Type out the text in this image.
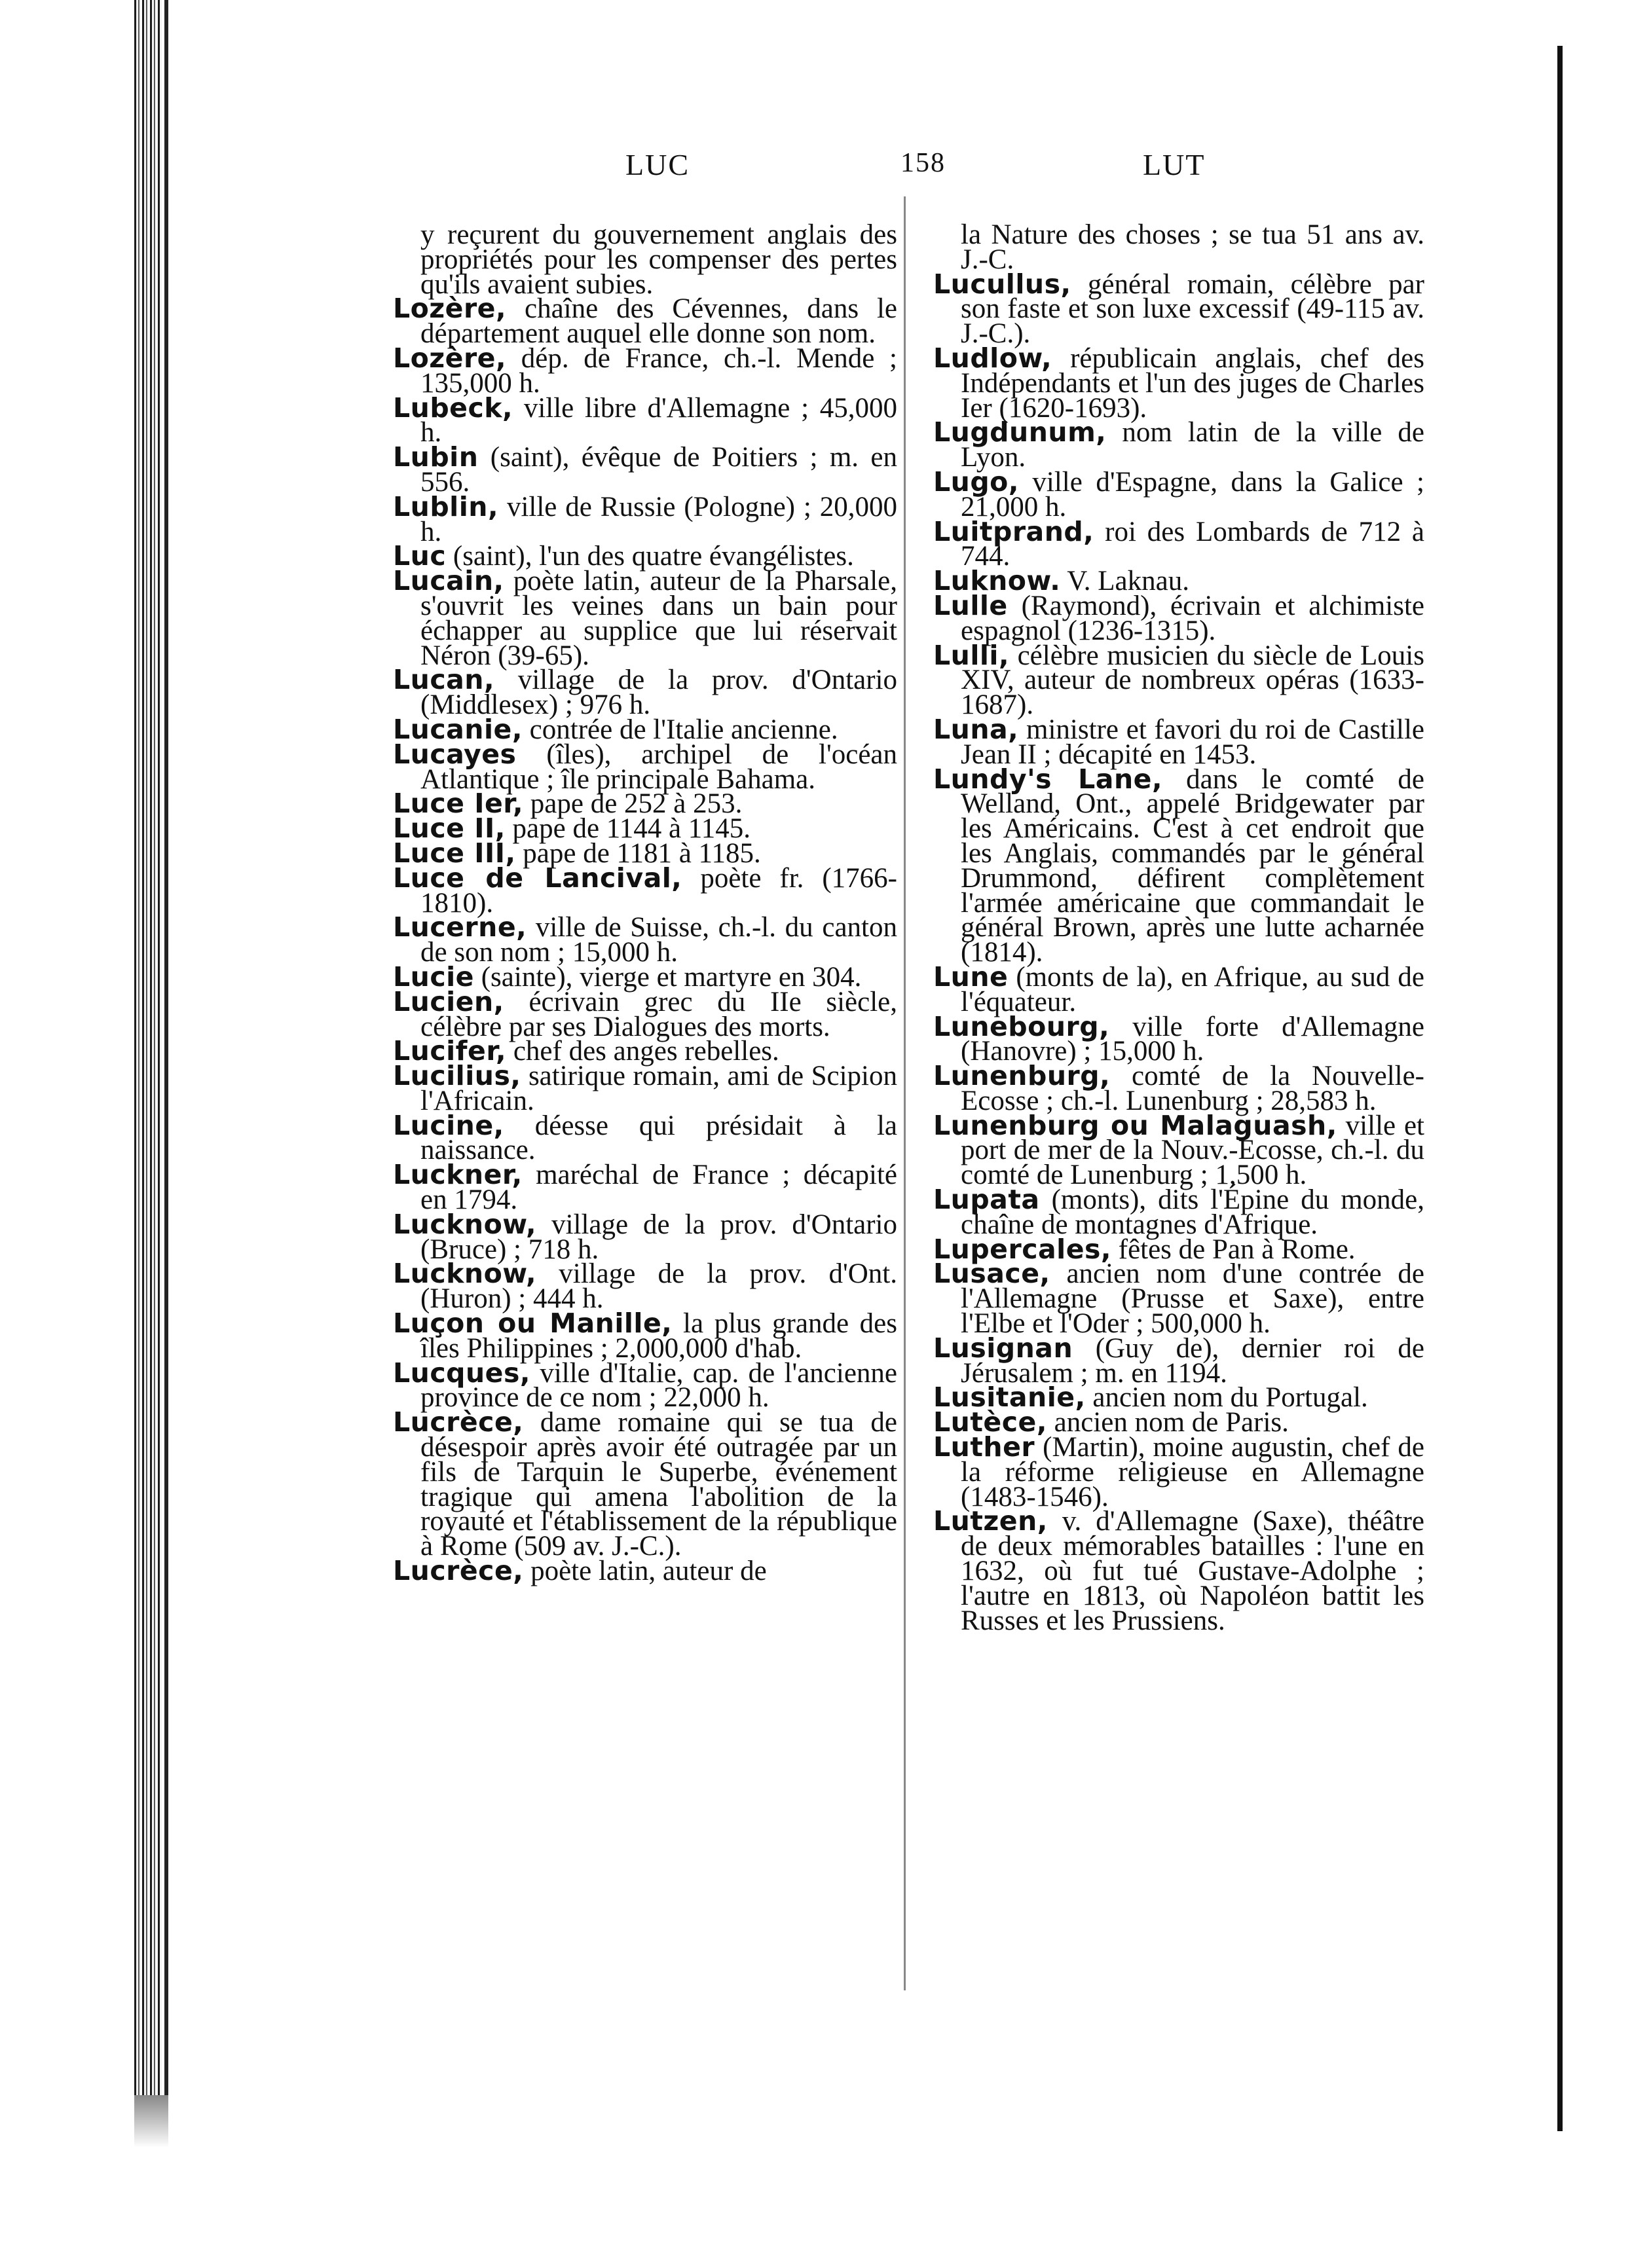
LUC	158	LUT

y reçurent du gouvernement anglais des propriétés pour les compenser des pertes qu'ils avaient subies.

Lozère, chaîne des Cévennes, dans le département auquel elle donne son nom.

Lozère, dép. de France, ch.-l. Mende ; 135,000 h.

Lubeck, ville libre d'Allemagne ; 45,000 h.

Lubin (saint), évêque de Poitiers ; m. en 556.

Lublin, ville de Russie (Pologne) ; 20,000 h.

Luc (saint), l'un des quatre évangélistes.

Lucain, poète latin, auteur de la Pharsale, s'ouvrit les veines dans un bain pour échapper au supplice que lui réservait Néron (39-65).

Lucan, village de la prov. d'Ontario (Middlesex) ; 976 h.

Lucanie, contrée de l'Italie ancienne.

Lucayes (îles), archipel de l'océan Atlantique ; île principale Bahama.

Luce Ier, pape de 252 à 253.

Luce II, pape de 1144 à 1145.

Luce III, pape de 1181 à 1185.

Luce de Lancival, poète fr. (1766-1810).

Lucerne, ville de Suisse, ch.-l. du canton de son nom ; 15,000 h.

Lucie (sainte), vierge et martyre en 304.

Lucien, écrivain grec du IIe siècle, célèbre par ses Dialogues des morts.

Lucifer, chef des anges rebelles.

Lucilius, satirique romain, ami de Scipion l'Africain.

Lucine, déesse qui présidait à la naissance.

Luckner, maréchal de France ; décapité en 1794.

Lucknow, village de la prov. d'Ontario (Bruce) ; 718 h.

Lucknow, village de la prov. d'Ont. (Huron) ; 444 h.

Luçon ou Manille, la plus grande des îles Philippines ; 2,000,000 d'hab.

Lucques, ville d'Italie, cap. de l'ancienne province de ce nom ; 22,000 h.

Lucrèce, dame romaine qui se tua de désespoir après avoir été outragée par un fils de Tarquin le Superbe, événement tragique qui amena l'abolition de la royauté et l'établissement de la république à Rome (509 av. J.-C.).

Lucrèce, poète latin, auteur de

la Nature des choses ; se tua 51 ans av. J.-C.

Lucullus, général romain, célèbre par son faste et son luxe excessif (49-115 av. J.-C.).

Ludlow, républicain anglais, chef des Indépendants et l'un des juges de Charles Ier (1620-1693).

Lugdunum, nom latin de la ville de Lyon.

Lugo, ville d'Espagne, dans la Galice ; 21,000 h.

Luitprand, roi des Lombards de 712 à 744.

Luknow. V. Laknau.

Lulle (Raymond), écrivain et alchimiste espagnol (1236-1315).

Lulli, célèbre musicien du siècle de Louis XIV, auteur de nombreux opéras (1633-1687).

Luna, ministre et favori du roi de Castille Jean II ; décapité en 1453.

Lundy's Lane, dans le comté de Welland, Ont., appelé Bridgewater par les Américains. C'est à cet endroit que les Anglais, commandés par le général Drummond, défirent complètement l'armée américaine que commandait le général Brown, après une lutte acharnée (1814).

Lune (monts de la), en Afrique, au sud de l'équateur.

Lunebourg, ville forte d'Allemagne (Hanovre) ; 15,000 h.

Lunenburg, comté de la Nouvelle-Ecosse ; ch.-l. Lunenburg ; 28,583 h.

Lunenburg ou Malaguash, ville et port de mer de la Nouv.-Ecosse, ch.-l. du comté de Lunenburg ; 1,500 h.

Lupata (monts), dits l'Épine du monde, chaîne de montagnes d'Afrique.

Lupercales, fêtes de Pan à Rome.

Lusace, ancien nom d'une contrée de l'Allemagne (Prusse et Saxe), entre l'Elbe et l'Oder ; 500,000 h.

Lusignan (Guy de), dernier roi de Jérusalem ; m. en 1194.

Lusitanie, ancien nom du Portugal.

Lutèce, ancien nom de Paris.

Luther (Martin), moine augustin, chef de la réforme religieuse en Allemagne (1483-1546).

Lutzen, v. d'Allemagne (Saxe), théâtre de deux mémorables batailles : l'une en 1632, où fut tué Gustave-Adolphe ; l'autre en 1813, où Napoléon battit les Russes et les Prussiens.
